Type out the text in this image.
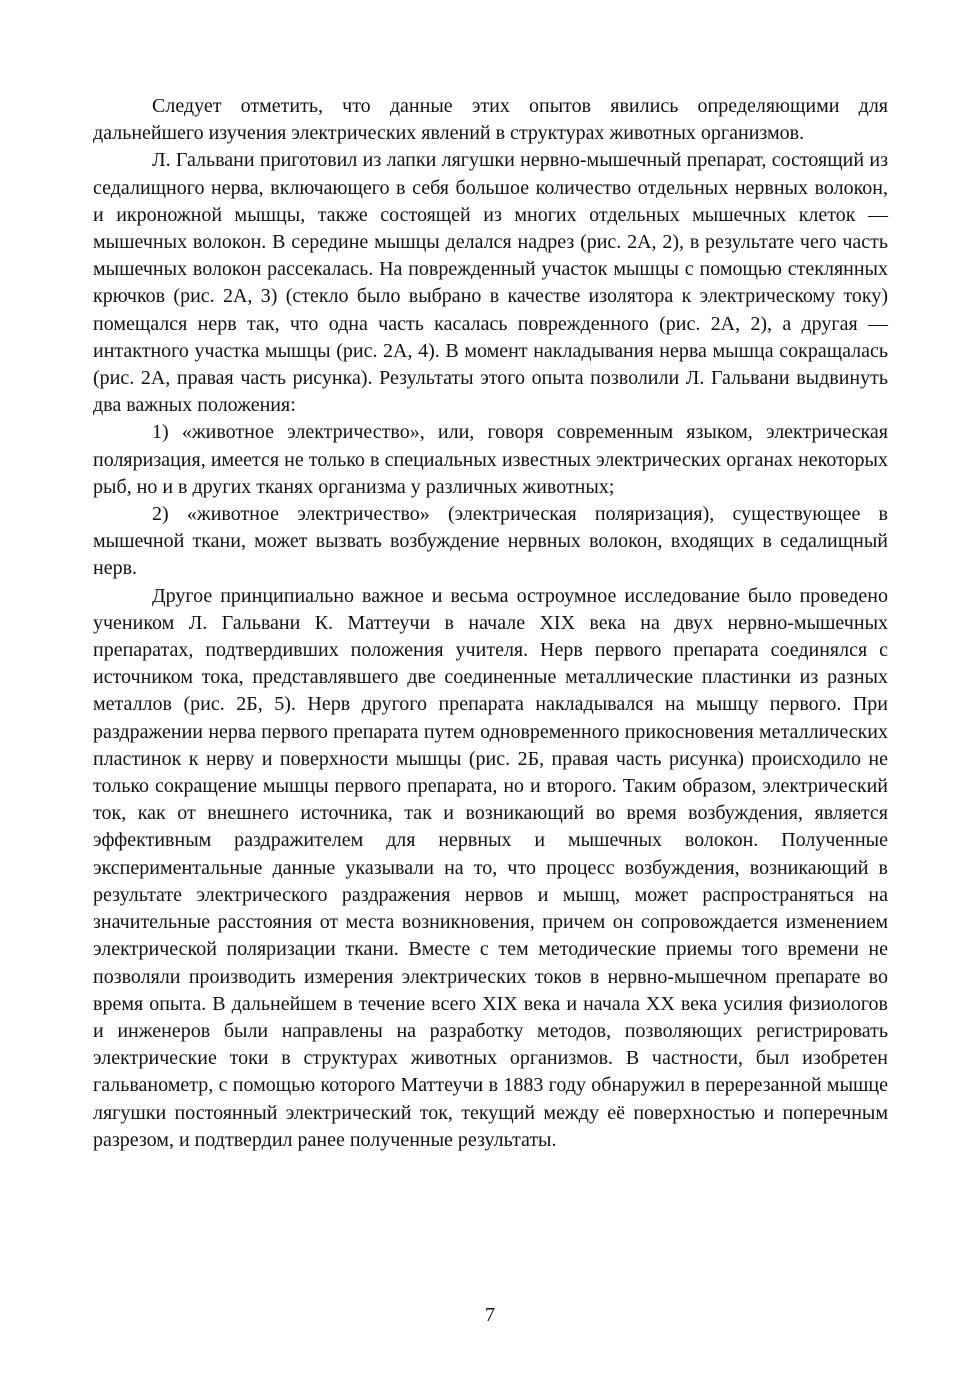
Следует отметить, что данные этих опытов явились определяющими для дальнейшего изучения электрических явлений в структурах животных организмов.

Л. Гальвани приготовил из лапки лягушки нервно-мышечный препарат, состоящий из седалищного нерва, включающего в себя большое количество отдельных нервных волокон, и икроножной мышцы, также состоящей из многих отдельных мышечных клеток — мышечных волокон. В середине мышцы делался надрез (рис. 2А, 2), в результате чего часть мышечных волокон рассекалась. На поврежденный участок мышцы с помощью стеклянных крючков (рис. 2А, 3) (стекло было выбрано в качестве изолятора к электрическому току) помещался нерв так, что одна часть касалась поврежденного (рис. 2А, 2), а другая — интактного участка мышцы (рис. 2А, 4). В момент накладывания нерва мышца сокращалась (рис. 2А, правая часть рисунка). Результаты этого опыта позволили Л. Гальвани выдвинуть два важных положения:

1) «животное электричество», или, говоря современным языком, электрическая поляризация, имеется не только в специальных известных электрических органах некоторых рыб, но и в других тканях организма у различных животных;

2) «животное электричество» (электрическая поляризация), существующее в мышечной ткани, может вызвать возбуждение нервных волокон, входящих в седалищный нерв.

Другое принципиально важное и весьма остроумное исследование было проведено учеником Л. Гальвани К. Маттеучи в начале XIX века на двух нервно-мышечных препаратах, подтвердивших положения учителя. Нерв первого препарата соединялся с источником тока, представлявшего две соединенные металлические пластинки из разных металлов (рис. 2Б, 5). Нерв другого препарата накладывался на мышцу первого. При раздражении нерва первого препарата путем одновременного прикосновения металлических пластинок к нерву и поверхности мышцы (рис. 2Б, правая часть рисунка) происходило не только сокращение мышцы первого препарата, но и второго. Таким образом, электрический ток, как от внешнего источника, так и возникающий во время возбуждения, является эффективным раздражителем для нервных и мышечных волокон. Полученные экспериментальные данные указывали на то, что процесс возбуждения, возникающий в результате электрического раздражения нервов и мышц, может распространяться на значительные расстояния от места возникновения, причем он сопровождается изменением электрической поляризации ткани. Вместе с тем методические приемы того времени не позволяли производить измерения электрических токов в нервно-мышечном препарате во время опыта. В дальнейшем в течение всего XIX века и начала XX века усилия физиологов и инженеров были направлены на разработку методов, позволяющих регистрировать электрические токи в структурах животных организмов. В частности, был изобретен гальванометр, с помощью которого Маттеучи в 1883 году обнаружил в перерезанной мышце лягушки постоянный электрический ток, текущий между её поверхностью и поперечным разрезом, и подтвердил ранее полученные результаты.

7
